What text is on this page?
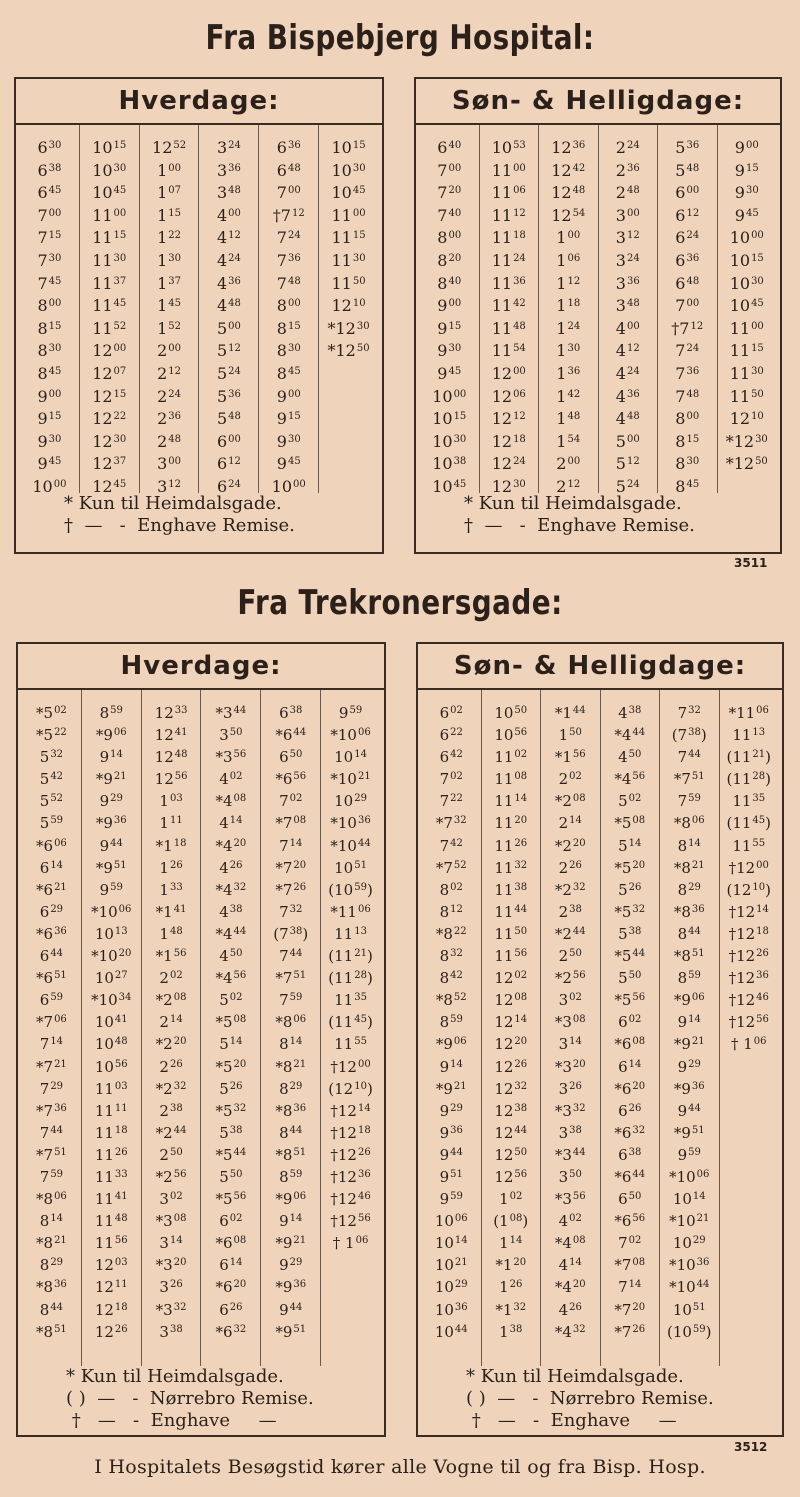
Fra Bispebjerg Hospital:
Hverdage:
$6^{30}$
$6^{38}$
$6^{45}$
$7^{00}$
$7^{15}$
$7^{30}$
$7^{45}$
$8^{00}$
$8^{15}$
$8^{30}$
$8^{45}$
$9^{00}$
$9^{15}$
$9^{30}$
$9^{45}$
$10^{00}$
$10^{15}$
$10^{30}$
$10^{45}$
$11^{00}$
$11^{15}$
$11^{30}$
$11^{37}$
$11^{45}$
$11^{52}$
$12^{00}$
$12^{07}$
$12^{15}$
$12^{22}$
$12^{30}$
$12^{37}$
$12^{45}$
$12^{52}$
$1^{00}$
$1^{07}$
$1^{15}$
$1^{22}$
$1^{30}$
$1^{37}$
$1^{45}$
$1^{52}$
$2^{00}$
$2^{12}$
$2^{24}$
$2^{36}$
$2^{48}$
$3^{00}$
$3^{12}$
$3^{24}$
$3^{36}$
$3^{48}$
$4^{00}$
$4^{12}$
$4^{24}$
$4^{36}$
$4^{48}$
$5^{00}$
$5^{12}$
$5^{24}$
$5^{36}$
$5^{48}$
$6^{00}$
$6^{12}$
$6^{24}$
$6^{36}$
$6^{48}$
$7^{00}$
$\dagger 7^{12}$
$7^{24}$
$7^{36}$
$7^{48}$
$8^{00}$
$8^{15}$
$8^{30}$
$8^{45}$
$9^{00}$
$9^{15}$
$9^{30}$
$9^{45}$
$10^{00}$
$10^{15}$
$10^{30}$
$10^{45}$
$11^{00}$
$11^{15}$
$11^{30}$
$11^{50}$
$12^{10}$
$*12^{30}$
$*12^{50}$
* Kun til Heimdalsgade.
†  —   -  Enghave Remise.
Søn- & Helligdage:
$6^{40}$
$7^{00}$
$7^{20}$
$7^{40}$
$8^{00}$
$8^{20}$
$8^{40}$
$9^{00}$
$9^{15}$
$9^{30}$
$9^{45}$
$10^{00}$
$10^{15}$
$10^{30}$
$10^{38}$
$10^{45}$
$10^{53}$
$11^{00}$
$11^{06}$
$11^{12}$
$11^{18}$
$11^{24}$
$11^{36}$
$11^{42}$
$11^{48}$
$11^{54}$
$12^{00}$
$12^{06}$
$12^{12}$
$12^{18}$
$12^{24}$
$12^{30}$
$12^{36}$
$12^{42}$
$12^{48}$
$12^{54}$
$1^{00}$
$1^{06}$
$1^{12}$
$1^{18}$
$1^{24}$
$1^{30}$
$1^{36}$
$1^{42}$
$1^{48}$
$1^{54}$
$2^{00}$
$2^{12}$
$2^{24}$
$2^{36}$
$2^{48}$
$3^{00}$
$3^{12}$
$3^{24}$
$3^{36}$
$3^{48}$
$4^{00}$
$4^{12}$
$4^{24}$
$4^{36}$
$4^{48}$
$5^{00}$
$5^{12}$
$5^{24}$
$5^{36}$
$5^{48}$
$6^{00}$
$6^{12}$
$6^{24}$
$6^{36}$
$6^{48}$
$7^{00}$
$\dagger 7^{12}$
$7^{24}$
$7^{36}$
$7^{48}$
$8^{00}$
$8^{15}$
$8^{30}$
$8^{45}$
$9^{00}$
$9^{15}$
$9^{30}$
$9^{45}$
$10^{00}$
$10^{15}$
$10^{30}$
$10^{45}$
$11^{00}$
$11^{15}$
$11^{30}$
$11^{50}$
$12^{10}$
$*12^{30}$
$*12^{50}$
* Kun til Heimdalsgade.
†  —   -  Enghave Remise.
3511
Fra Trekronersgade:
Hverdage:
$*5^{02}$
$*5^{22}$
$5^{32}$
$5^{42}$
$5^{52}$
$5^{59}$
$*6^{06}$
$6^{14}$
$*6^{21}$
$6^{29}$
$*6^{36}$
$6^{44}$
$*6^{51}$
$6^{59}$
$*7^{06}$
$7^{14}$
$*7^{21}$
$7^{29}$
$*7^{36}$
$7^{44}$
$*7^{51}$
$7^{59}$
$*8^{06}$
$8^{14}$
$*8^{21}$
$8^{29}$
$*8^{36}$
$8^{44}$
$*8^{51}$
$8^{59}$
$*9^{06}$
$9^{14}$
$*9^{21}$
$9^{29}$
$*9^{36}$
$9^{44}$
$*9^{51}$
$9^{59}$
$*10^{06}$
$10^{13}$
$*10^{20}$
$10^{27}$
$*10^{34}$
$10^{41}$
$10^{48}$
$10^{56}$
$11^{03}$
$11^{11}$
$11^{18}$
$11^{26}$
$11^{33}$
$11^{41}$
$11^{48}$
$11^{56}$
$12^{03}$
$12^{11}$
$12^{18}$
$12^{26}$
$12^{33}$
$12^{41}$
$12^{48}$
$12^{56}$
$1^{03}$
$1^{11}$
$*1^{18}$
$1^{26}$
$1^{33}$
$*1^{41}$
$1^{48}$
$*1^{56}$
$2^{02}$
$*2^{08}$
$2^{14}$
$*2^{20}$
$2^{26}$
$*2^{32}$
$2^{38}$
$*2^{44}$
$2^{50}$
$*2^{56}$
$3^{02}$
$*3^{08}$
$3^{14}$
$*3^{20}$
$3^{26}$
$*3^{32}$
$3^{38}$
$*3^{44}$
$3^{50}$
$*3^{56}$
$4^{02}$
$*4^{08}$
$4^{14}$
$*4^{20}$
$4^{26}$
$*4^{32}$
$4^{38}$
$*4^{44}$
$4^{50}$
$*4^{56}$
$5^{02}$
$*5^{08}$
$5^{14}$
$*5^{20}$
$5^{26}$
$*5^{32}$
$5^{38}$
$*5^{44}$
$5^{50}$
$*5^{56}$
$6^{02}$
$*6^{08}$
$6^{14}$
$*6^{20}$
$6^{26}$
$*6^{32}$
$6^{38}$
$*6^{44}$
$6^{50}$
$*6^{56}$
$7^{02}$
$*7^{08}$
$7^{14}$
$*7^{20}$
$*7^{26}$
$7^{32}$
$(7^{38})$
$7^{44}$
$*7^{51}$
$7^{59}$
$*8^{06}$
$8^{14}$
$*8^{21}$
$8^{29}$
$*8^{36}$
$8^{44}$
$*8^{51}$
$8^{59}$
$*9^{06}$
$9^{14}$
$*9^{21}$
$9^{29}$
$*9^{36}$
$9^{44}$
$*9^{51}$
$9^{59}$
$*10^{06}$
$10^{14}$
$*10^{21}$
$10^{29}$
$*10^{36}$
$*10^{44}$
$10^{51}$
$(10^{59})$
$*11^{06}$
$11^{13}$
$(11^{21})$
$(11^{28})$
$11^{35}$
$(11^{45})$
$11^{55}$
$\dagger 12^{00}$
$(12^{10})$
$\dagger 12^{14}$
$\dagger 12^{18}$
$\dagger 12^{26}$
$\dagger 12^{36}$
$\dagger 12^{46}$
$\dagger 12^{56}$
† $1^{06}$
* Kun til Heimdalsgade.
( )  —   -  Nørrebro Remise.
†   —   -  Enghave     —
Søn- & Helligdage:
$6^{02}$
$6^{22}$
$6^{42}$
$7^{02}$
$7^{22}$
$*7^{32}$
$7^{42}$
$*7^{52}$
$8^{02}$
$8^{12}$
$*8^{22}$
$8^{32}$
$8^{42}$
$*8^{52}$
$8^{59}$
$*9^{06}$
$9^{14}$
$*9^{21}$
$9^{29}$
$9^{36}$
$9^{44}$
$9^{51}$
$9^{59}$
$10^{06}$
$10^{14}$
$10^{21}$
$10^{29}$
$10^{36}$
$10^{44}$
$10^{50}$
$10^{56}$
$11^{02}$
$11^{08}$
$11^{14}$
$11^{20}$
$11^{26}$
$11^{32}$
$11^{38}$
$11^{44}$
$11^{50}$
$11^{56}$
$12^{02}$
$12^{08}$
$12^{14}$
$12^{20}$
$12^{26}$
$12^{32}$
$12^{38}$
$12^{44}$
$12^{50}$
$12^{56}$
$1^{02}$
$(1^{08})$
$1^{14}$
$*1^{20}$
$1^{26}$
$*1^{32}$
$1^{38}$
$*1^{44}$
$1^{50}$
$*1^{56}$
$2^{02}$
$*2^{08}$
$2^{14}$
$*2^{20}$
$2^{26}$
$*2^{32}$
$2^{38}$
$*2^{44}$
$2^{50}$
$*2^{56}$
$3^{02}$
$*3^{08}$
$3^{14}$
$*3^{20}$
$3^{26}$
$*3^{32}$
$3^{38}$
$*3^{44}$
$3^{50}$
$*3^{56}$
$4^{02}$
$*4^{08}$
$4^{14}$
$*4^{20}$
$4^{26}$
$*4^{32}$
$4^{38}$
$*4^{44}$
$4^{50}$
$*4^{56}$
$5^{02}$
$*5^{08}$
$5^{14}$
$*5^{20}$
$5^{26}$
$*5^{32}$
$5^{38}$
$*5^{44}$
$5^{50}$
$*5^{56}$
$6^{02}$
$*6^{08}$
$6^{14}$
$*6^{20}$
$6^{26}$
$*6^{32}$
$6^{38}$
$*6^{44}$
$6^{50}$
$*6^{56}$
$7^{02}$
$*7^{08}$
$7^{14}$
$*7^{20}$
$*7^{26}$
$7^{32}$
$(7^{38})$
$7^{44}$
$*7^{51}$
$7^{59}$
$*8^{06}$
$8^{14}$
$*8^{21}$
$8^{29}$
$*8^{36}$
$8^{44}$
$*8^{51}$
$8^{59}$
$*9^{06}$
$9^{14}$
$*9^{21}$
$9^{29}$
$*9^{36}$
$9^{44}$
$*9^{51}$
$9^{59}$
$*10^{06}$
$10^{14}$
$*10^{21}$
$10^{29}$
$*10^{36}$
$*10^{44}$
$10^{51}$
$(10^{59})$
$*11^{06}$
$11^{13}$
$(11^{21})$
$(11^{28})$
$11^{35}$
$(11^{45})$
$11^{55}$
$\dagger 12^{00}$
$(12^{10})$
$\dagger 12^{14}$
$\dagger 12^{18}$
$\dagger 12^{26}$
$\dagger 12^{36}$
$\dagger 12^{46}$
$\dagger 12^{56}$
† $1^{06}$
* Kun til Heimdalsgade.
( )  —   -  Nørrebro Remise.
†   —   -  Enghave     —
3512
I Hospitalets Besøgstid kører alle Vogne til og fra Bisp. Hosp.
